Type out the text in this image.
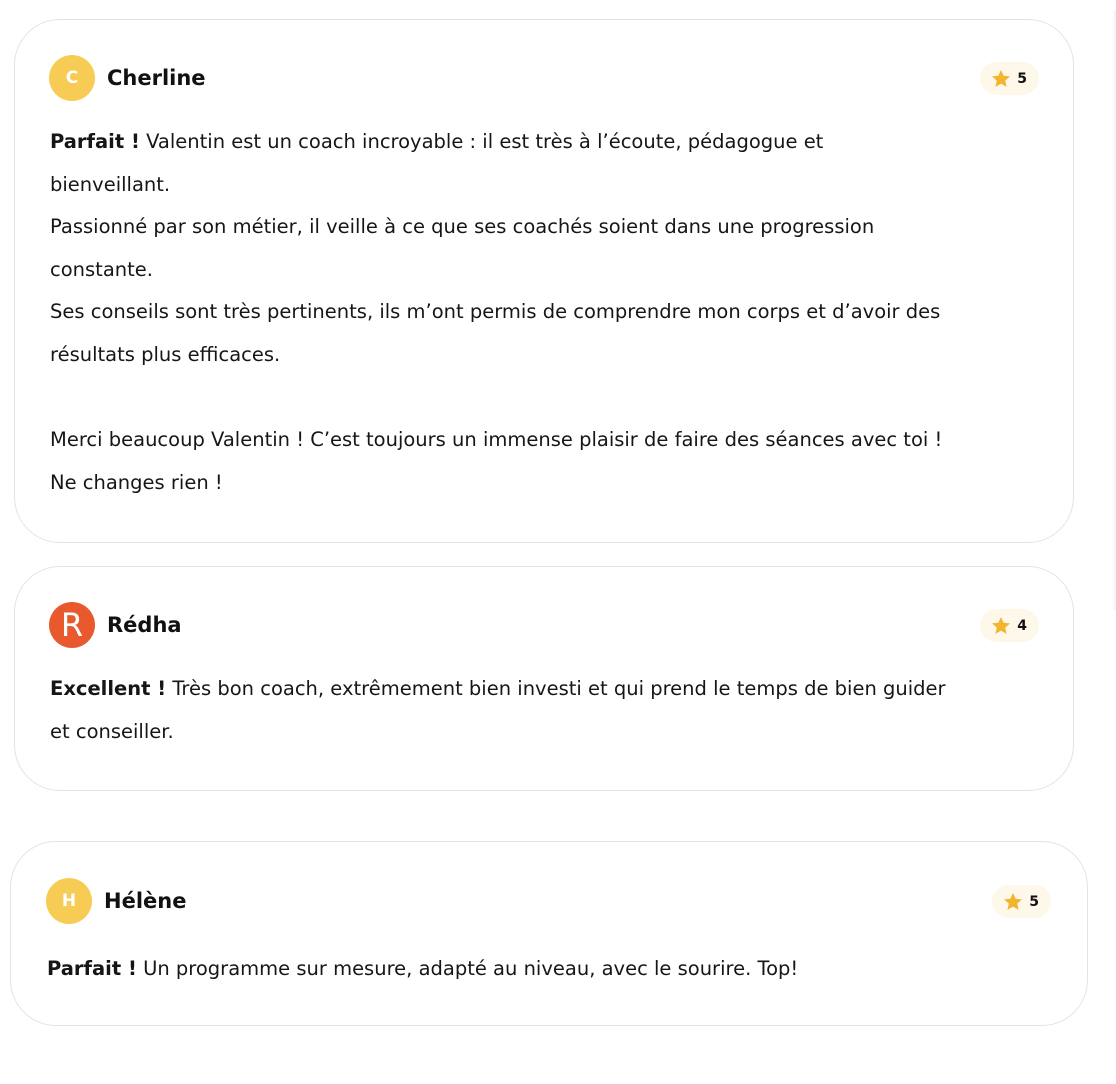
C	Cherline	5

Parfait ! Valentin est un coach incroyable : il est très à l’écoute, pédagogue et

bienveillant.

Passionné par son métier, il veille à ce que ses coachés soient dans une progression

constante.

Ses conseils sont très pertinents, ils m’ont permis de comprendre mon corps et d’avoir des

résultats plus efficaces.

Merci beaucoup Valentin ! C’est toujours un immense plaisir de faire des séances avec toi !

Ne changes rien !

R	Rédha	4

Excellent ! Très bon coach, extrêmement bien investi et qui prend le temps de bien guider

et conseiller.

H	Hélène	5

Parfait ! Un programme sur mesure, adapté au niveau, avec le sourire. Top!
